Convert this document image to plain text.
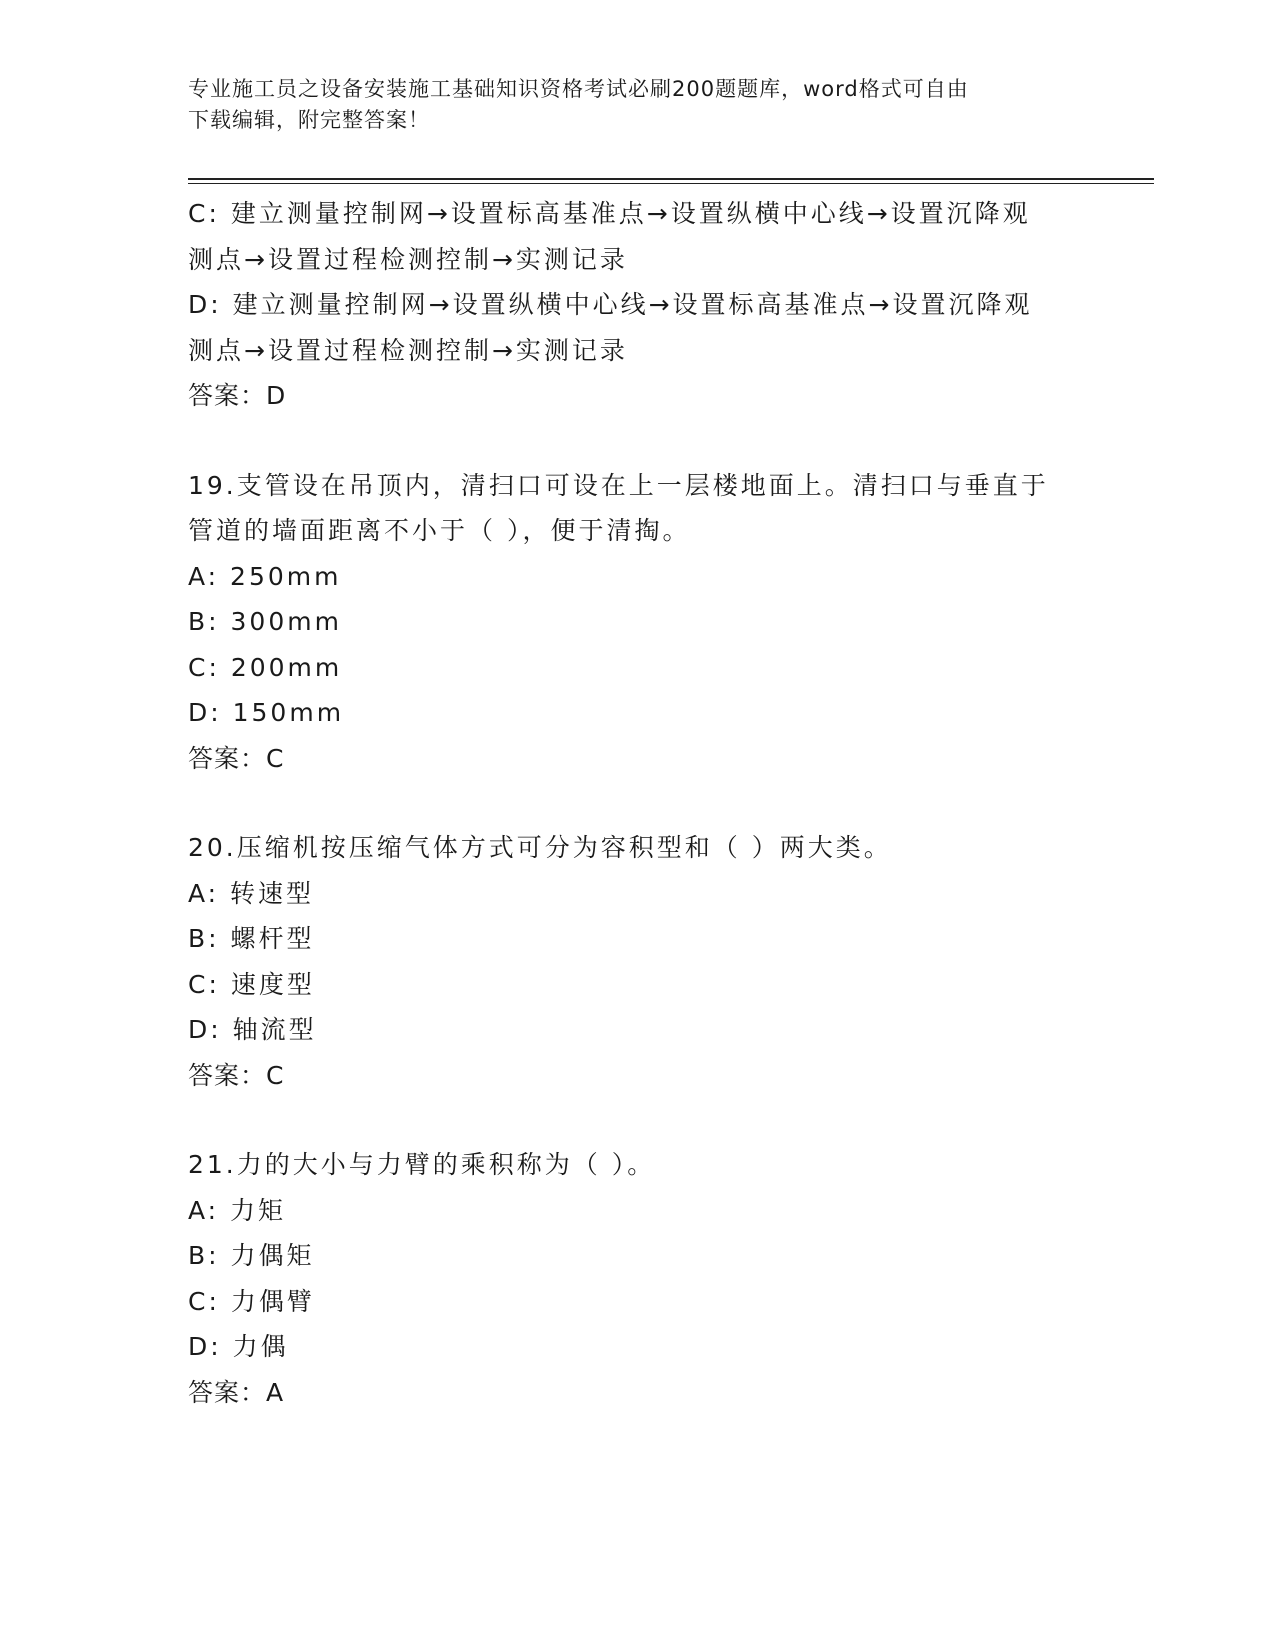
专业施工员之设备安装施工基础知识资格考试必刷200题题库，word格式可自由
下载编辑，附完整答案！
C: 建立测量控制网→设置标高基准点→设置纵横中心线→设置沉降观
测点→设置过程检测控制→实测记录
D: 建立测量控制网→设置纵横中心线→设置标高基准点→设置沉降观
测点→设置过程检测控制→实测记录
答案：D
19.支管设在吊顶内，清扫口可设在上一层楼地面上。清扫口与垂直于
管道的墙面距离不小于（ ），便于清掏。
A: 250mm
B: 300mm
C: 200mm
D: 150mm
答案：C
20.压缩机按压缩气体方式可分为容积型和（ ）两大类。
A: 转速型
B: 螺杆型
C: 速度型
D: 轴流型
答案：C
21.力的大小与力臂的乘积称为（ ）。
A: 力矩
B: 力偶矩
C: 力偶臂
D: 力偶
答案：A
